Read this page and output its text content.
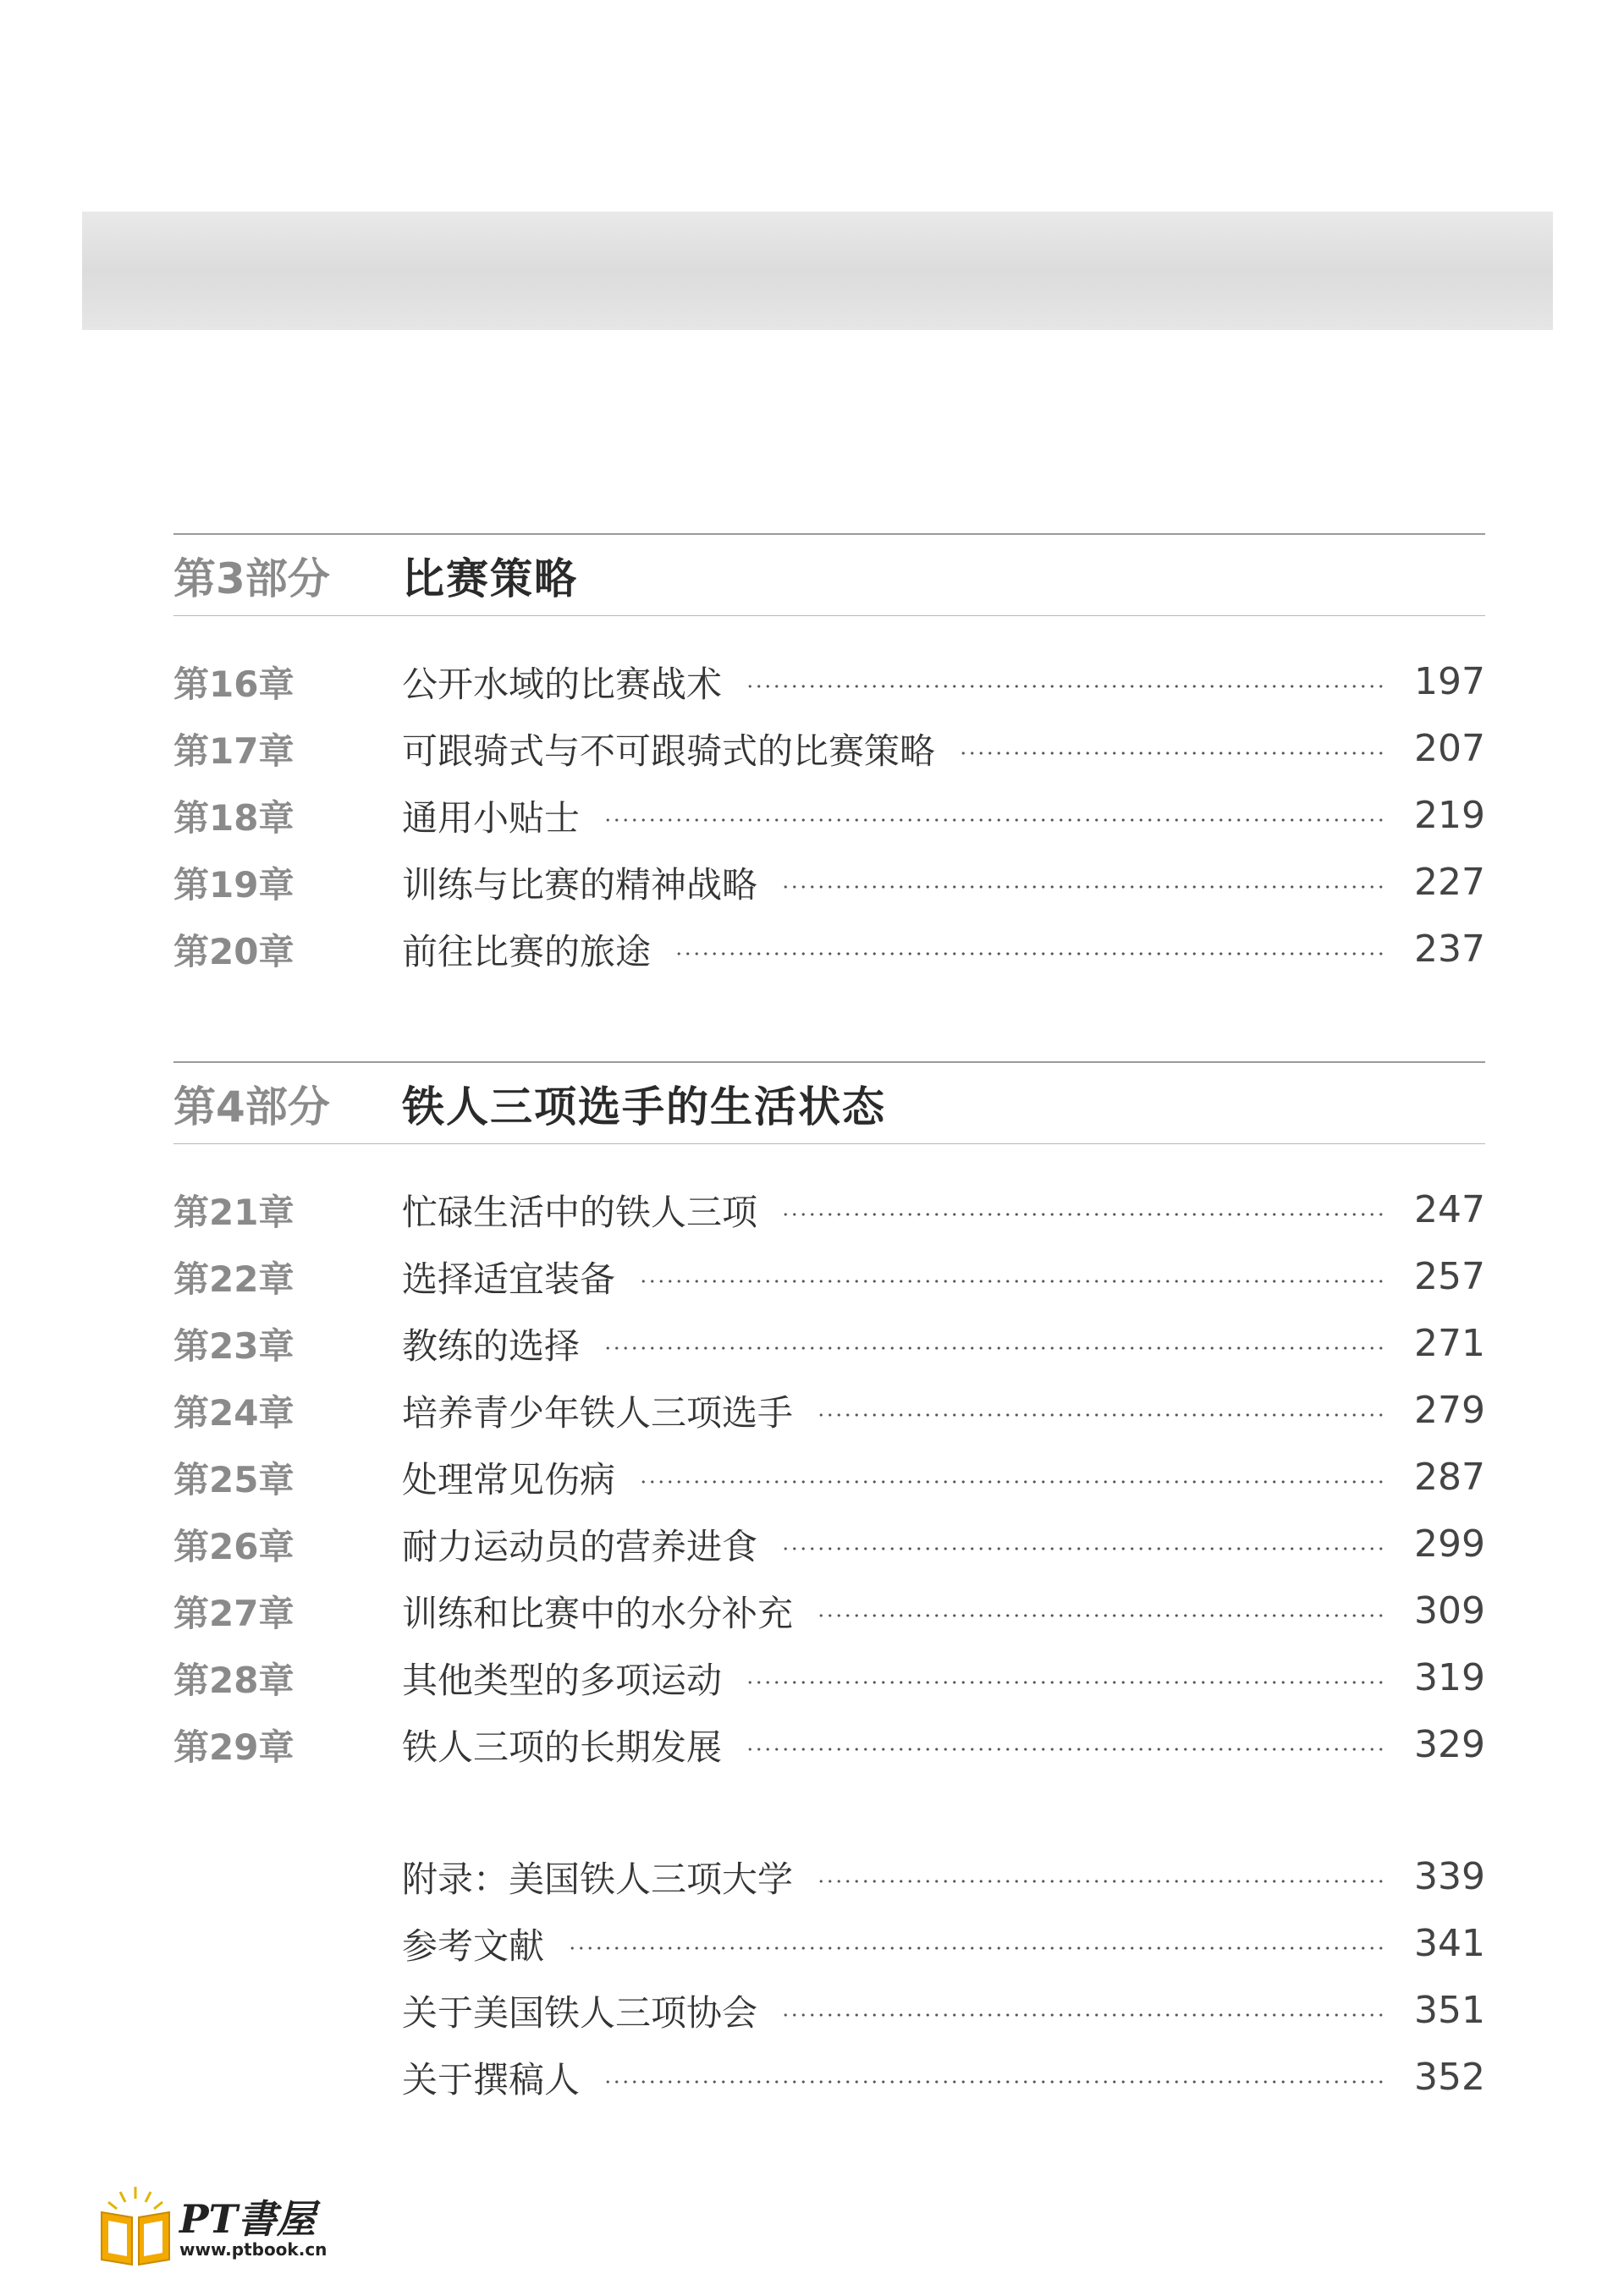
第3部分	比赛策略
第16章	公开水域的比赛战术	197
第17章	可跟骑式与不可跟骑式的比赛策略	207
第18章	通用小贴士	219
第19章	训练与比赛的精神战略	227
第20章	前往比赛的旅途	237
第4部分	铁人三项选手的生活状态
第21章	忙碌生活中的铁人三项	247
第22章	选择适宜装备	257
第23章	教练的选择	271
第24章	培养青少年铁人三项选手	279
第25章	处理常见伤病	287
第26章	耐力运动员的营养进食	299
第27章	训练和比赛中的水分补充	309
第28章	其他类型的多项运动	319
第29章	铁人三项的长期发展	329
附录：美国铁人三项大学	339
参考文献	341
关于美国铁人三项协会	351
关于撰稿人	352
PT書屋
www.ptbook.cn
